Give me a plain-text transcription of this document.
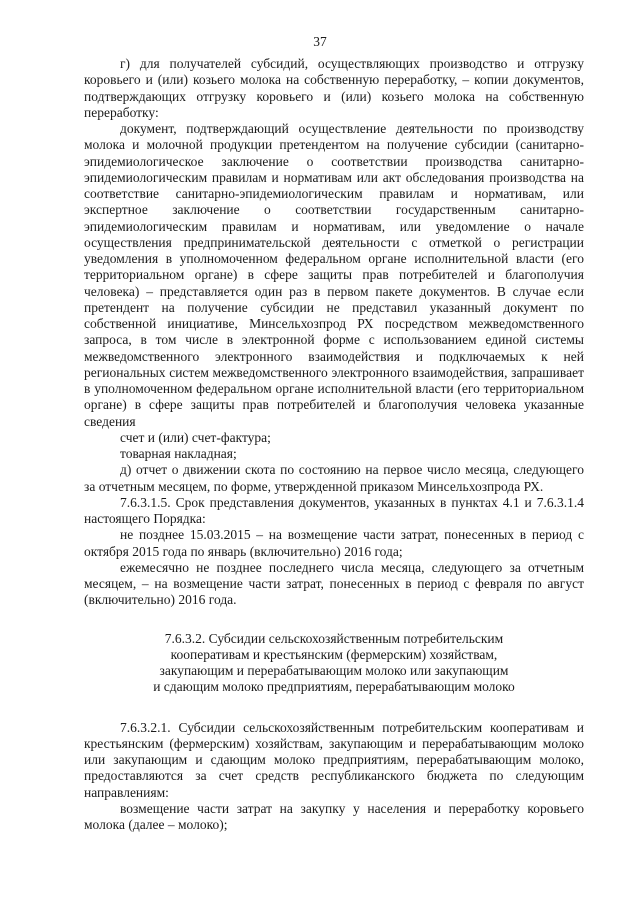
37

г) для получателей субсидий, осуществляющих производство и отгрузку коровьего и (или) козьего молока на собственную переработку, – копии документов, подтверждающих отгрузку коровьего и (или) козьего молока на собственную переработку:

документ, подтверждающий осуществление деятельности по производству молока и молочной продукции претендентом на получение субсидии (санитарно-эпидемиологическое заключение о соответствии производства санитарно-эпидемиологическим правилам и нормативам или акт обследования производства на соответствие санитарно-эпидемиологическим правилам и нормативам, или экспертное заключение о соответствии государственным санитарно-эпидемиологическим правилам и нормативам, или уведомление о начале осуществления предпринимательской деятельности с отметкой о регистрации уведомления в уполномоченном федеральном органе исполнительной власти (его территориальном органе) в сфере защиты прав потребителей и благополучия человека) – представляется один раз в первом пакете документов. В случае если претендент на получение субсидии не представил указанный документ по собственной инициативе, Минсельхозпрод РХ посредством межведомственного запроса, в том числе в электронной форме с использованием единой системы межведомственного электронного взаимодействия и подключаемых к ней региональных систем межведомственного электронного взаимодействия, запрашивает в уполномоченном федеральном органе исполнительной власти (его территориальном органе) в сфере защиты прав потребителей и благополучия человека указанные сведения

счет и (или) счет-фактура;

товарная накладная;

д) отчет о движении скота по состоянию на первое число месяца, следующего за отчетным месяцем, по форме, утвержденной приказом Минсельхозпрода РХ.

7.6.3.1.5. Срок представления документов, указанных в пунктах 4.1 и 7.6.3.1.4 настоящего Порядка:

не позднее 15.03.2015 – на возмещение части затрат, понесенных в период с октября 2015 года по январь (включительно) 2016 года;

ежемесячно не позднее последнего числа месяца, следующего за отчетным месяцем, – на возмещение части затрат, понесенных в период с февраля по август (включительно) 2016 года.

7.6.3.2. Субсидии сельскохозяйственным потребительским
кооперативам и крестьянским (фермерским) хозяйствам,
закупающим и перерабатывающим молоко или закупающим
и сдающим молоко предприятиям, перерабатывающим молоко

7.6.3.2.1. Субсидии сельскохозяйственным потребительским кооперативам и крестьянским (фермерским) хозяйствам, закупающим и перерабатывающим молоко или закупающим и сдающим молоко предприятиям, перерабатывающим молоко, предоставляются за счет средств республиканского бюджета по следующим направлениям:

возмещение части затрат на закупку у населения и переработку коровьего молока (далее – молоко);
